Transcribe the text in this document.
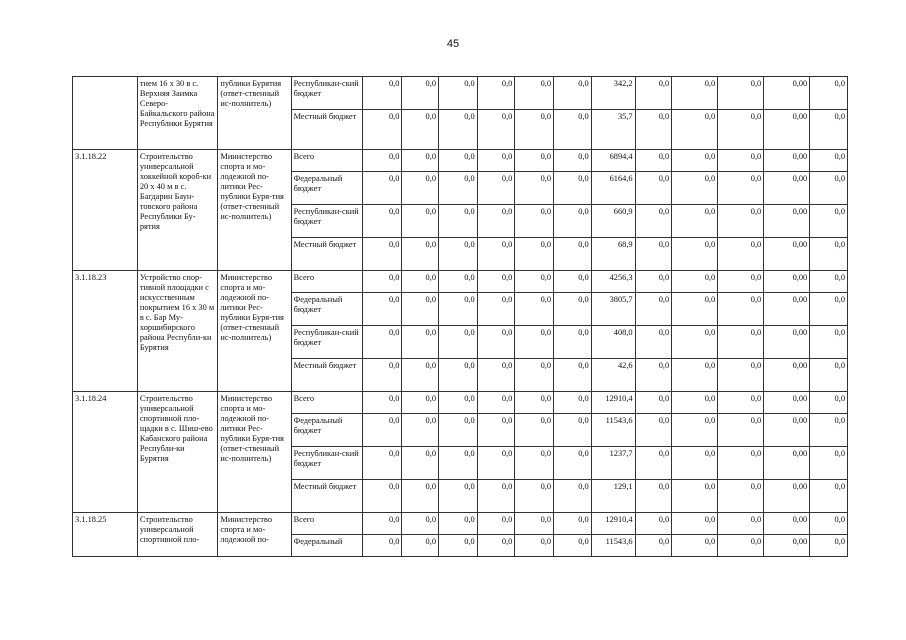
45
	тием 16 х 30 в с. Верхняя Заимка Северо-Байкальского района Республики Бурятия	публики Бурятия (ответ-ственный ис-полнитель)	Республикан-ский бюджет	0,0	0,0	0,0	0,0	0,0	0,0	342,2	0,0	0,0	0,0	0,00	0,0
			Местный бюджет	0,0	0,0	0,0	0,0	0,0	0,0	35,7	0,0	0,0	0,0	0,00	0,0
3.1.18.22	Строительство универсальной хоккейной короб-ки 20 х 40 м в с. Багдарин Баун-товского района Республики Бу-рятия	Министерство спорта и мо-лодежной по-литики Рес-публики Буря-тия (ответ-ственный ис-полнитель)	Всего	0,0	0,0	0,0	0,0	0,0	0,0	6894,4	0,0	0,0	0,0	0,00	0,0
			Федеральный бюджет	0,0	0,0	0,0	0,0	0,0	0,0	6164,6	0,0	0,0	0,0	0,00	0,0
			Республикан-ский бюджет	0,0	0,0	0,0	0,0	0,0	0,0	660,9	0,0	0,0	0,0	0,00	0,0
			Местный бюджет	0,0	0,0	0,0	0,0	0,0	0,0	68,9	0,0	0,0	0,0	0,00	0,0
3.1.18.23	Устройство спор-тивной площадки с искусственным покрытием 16 х 30 м в с. Бар Му-хоршибирского района Республи-ки Бурятия	Министерство спорта и мо-лодежной по-литики Рес-публики Буря-тия (ответ-ственный ис-полнитель)	Всего	0,0	0,0	0,0	0,0	0,0	0,0	4256,3	0,0	0,0	0,0	0,00	0,0
			Федеральный бюджет	0,0	0,0	0,0	0,0	0,0	0,0	3805,7	0,0	0,0	0,0	0,00	0,0
			Республикан-ский бюджет	0,0	0,0	0,0	0,0	0,0	0,0	408,0	0,0	0,0	0,0	0,00	0,0
			Местный бюджет	0,0	0,0	0,0	0,0	0,0	0,0	42,6	0,0	0,0	0,0	0,00	0,0
3.1.18.24	Строительство универсальной спортивной пло-щадки в с. Шиш-ево Кабанского района Республи-ки Бурятия	Министерство спорта и мо-лодежной по-литики Рес-публики Буря-тия (ответ-ственный ис-полнитель)	Всего	0,0	0,0	0,0	0,0	0,0	0,0	12910,4	0,0	0,0	0,0	0,00	0,0
			Федеральный бюджет	0,0	0,0	0,0	0,0	0,0	0,0	11543,6	0,0	0,0	0,0	0,00	0,0
			Республикан-ский бюджет	0,0	0,0	0,0	0,0	0,0	0,0	1237,7	0,0	0,0	0,0	0,00	0,0
			Местный бюджет	0,0	0,0	0,0	0,0	0,0	0,0	129,1	0,0	0,0	0,0	0,00	0,0
3.1.18.25	Строительство универсальной спортивной пло-	Министерство спорта и мо-лодежной по-	Всего	0,0	0,0	0,0	0,0	0,0	0,0	12910,4	0,0	0,0	0,0	0,00	0,0
			Федеральный	0,0	0,0	0,0	0,0	0,0	0,0	11543,6	0,0	0,0	0,0	0,00	0,0
